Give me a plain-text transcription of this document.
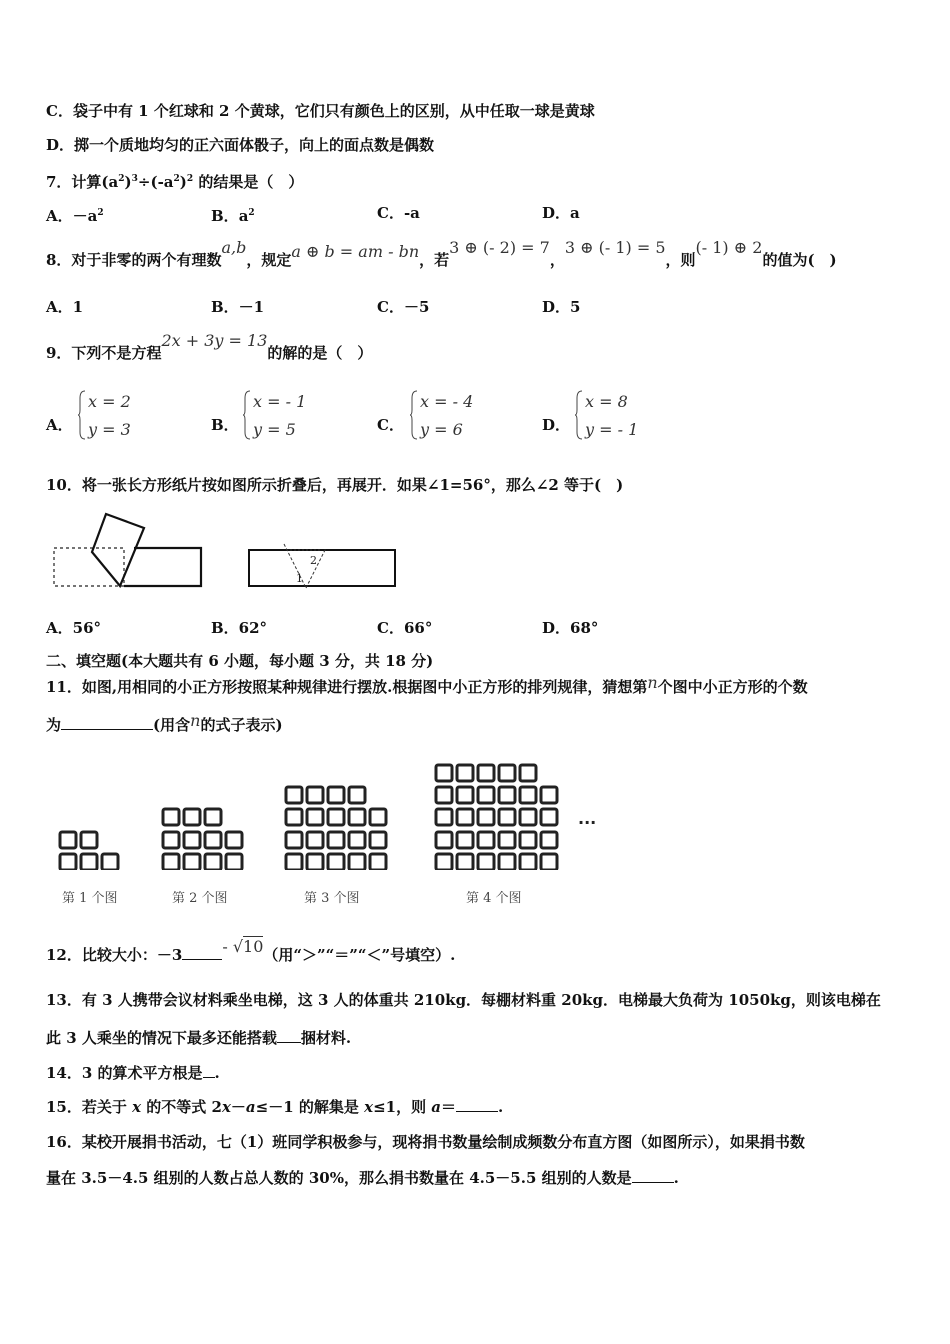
C．袋子中有 1 个红球和 2 个黄球，它们只有颜色上的区别，从中任取一球是黄球
D．掷一个质地均匀的正六面体骰子，向上的面点数是偶数
7．计算$(a^2)^3\div(-a^2)^2$ 的结果是（　）
A．$-a^2$	B．$a^2$	C．-a	D．a
8．对于非零的两个有理数a,b，规定a ⊕ b = am - bn，若3 ⊕ (- 2) = 7，3 ⊕ (- 1) = 5，则(- 1) ⊕ 2的值为(　)
A．1	B．－1	C．－5	D．5
9．下列不是方程2x + 3y = 13的解的是（　）
A．
x = 2
y = 3	B．
x = - 1
y = 5	C．
x = - 4
y = 6	D．
x = 8
y = - 1
10．将一张长方形纸片按如图所示折叠后，再展开．如果∠1=56°，那么∠2 等于(　)
2
1
A．56°	B．62°	C．66°	D．68°
二、填空题(本大题共有 6 小题，每小题 3 分，共 18 分)
11．如图,用相同的小正方形按照某种规律进行摆放.根据图中小正方形的排列规律，猜想第n个图中小正方形的个数
为	(用含n的式子表示)
···
第 1 个图	第 2 个图	第 3 个图	第 4 个图
12．比较大小：－3	- √10（用“＞”“＝”“＜”号填空）.
13．有 3 人携带会议材料乘坐电梯，这 3 人的体重共 210kg．每棚材料重 20kg．电梯最大负荷为 1050kg，则该电梯在
此 3 人乘坐的情况下最多还能搭载 捆材料.
14．3 的算术平方根是 .
15．若关于 x 的不等式 2x－a≤－1 的解集是 x≤1，则 a＝	.
16．某校开展捐书活动，七（1）班同学积极参与，现将捐书数量绘制成频数分布直方图（如图所示），如果捐书数
量在 3.5－4.5 组别的人数占总人数的 30%，那么捐书数量在 4.5－5.5 组别的人数是	.
